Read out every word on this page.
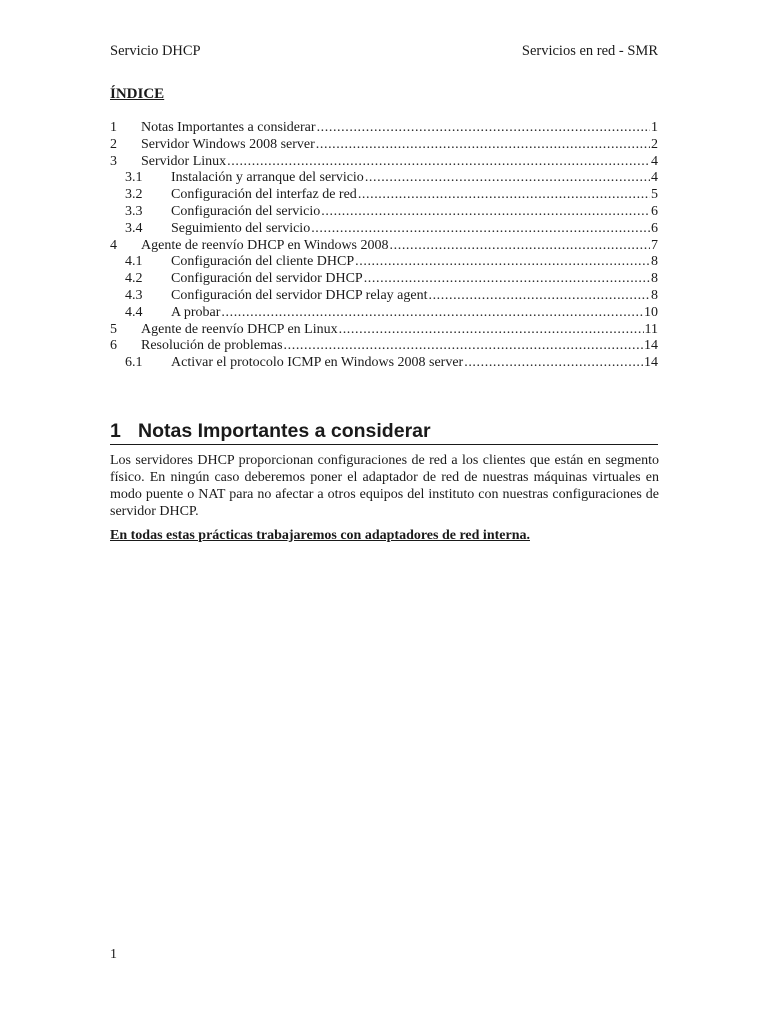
Servicio DHCP	Servicios en red - SMR
ÍNDICE
1	Notas Importantes a considerar .....	1
2	Servidor Windows 2008 server .....	2
3	Servidor Linux .....	4
3.1	Instalación y arranque del servicio .....	4
3.2	Configuración del interfaz de red .....	5
3.3	Configuración del servicio .....	6
3.4	Seguimiento del servicio .....	6
4	Agente de reenvío DHCP en Windows 2008 .....	7
4.1	Configuración del cliente DHCP .....	8
4.2	Configuración del servidor DHCP .....	8
4.3	Configuración del servidor DHCP relay agent .....	8
4.4	A probar .....	10
5	Agente de reenvío DHCP en Linux .....	11
6	Resolución de problemas .....	14
6.1	Activar el protocolo ICMP en Windows 2008 server .....	14
1 Notas Importantes a considerar
Los servidores DHCP proporcionan configuraciones de red a los clientes que están en segmento físico. En ningún caso deberemos poner el adaptador de red de nuestras máquinas virtuales en modo puente o NAT para no afectar a otros equipos del instituto con nuestras configuraciones de servidor DHCP.
En todas estas prácticas trabajaremos con adaptadores de red interna.
1
